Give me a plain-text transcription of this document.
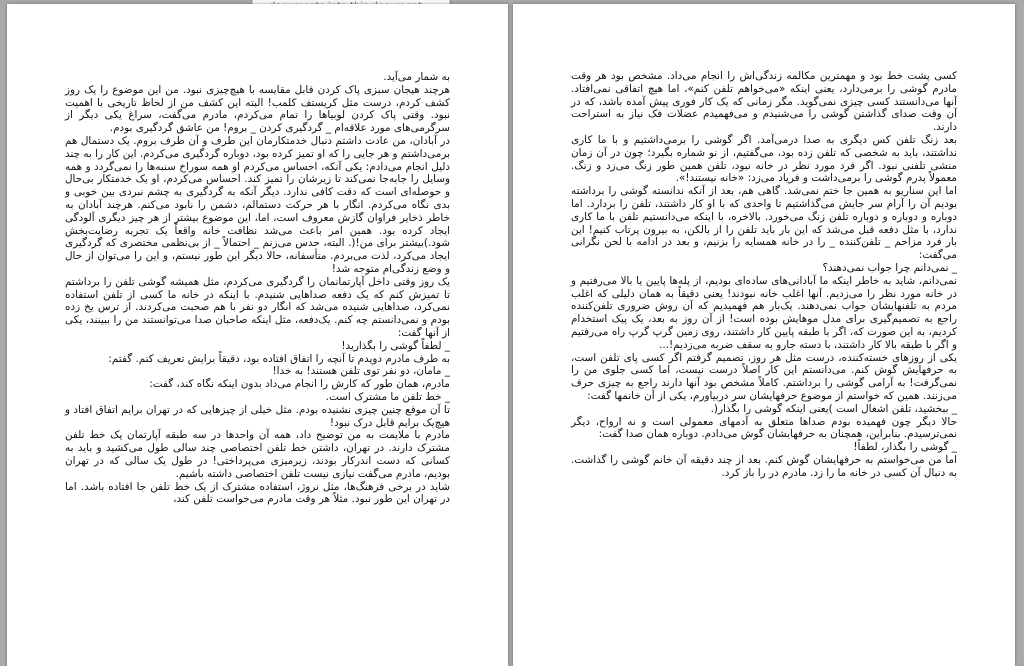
به شمار می‌آید.

هرچند هیجان سبزی پاک کردن قابل مقایسه با هیچ‌چیزی نبود. من این موضوع را یک روز کشف کردم، درست مثل کریستف کلمب! البته این کشف من از لحاظ تاریخی با اهمیت نبود. وقتی پاک کردن لوبیاها را تمام می‌کردم، مادرم می‌گفت، سراغ یکی دیگر از سرگرمی‌های مورد علاقه‌ام _ گردگیری کردن _ بروم! من عاشق گردگیری بودم.

در آبادان، من عادت داشتم دنبال خدمتکارمان این طرف و آن طرف بروم. یک دستمال هم برمی‌داشتم و هر جایی را که او تمیز کرده بود، دوباره گردگیری می‌کردم. این کار را به چند دلیل انجام می‌دادم: یکی آنکه، احساس می‌کردم او همه سوراخ سنبه‌ها را نمی‌گردد و همه وسایل را جابه‌جا نمی‌کند تا زیرشان را تمیز کند. احساس می‌کردم، او یک خدمتکار بی‌حال و حوصله‌ای است که دقت کافی ندارد. دیگر آنکه به گردگیری به چشم نبردی بین خوبی و بدی نگاه می‌کردم. انگار با هر حرکت دستمالم، دشمن را نابود می‌کنم. هرچند آبادان به خاطر ذخایر فراوان گازش معروف است، اما، این موضوع بیشتر از هر چیز دیگری آلودگی ایجاد کرده بود. همین امر باعث می‌شد نظافت خانه واقعاً یک تجربه رضایت‌بخش شود.)بیشتر برای من!(. البته، حدس می‌زنم _ احتمالاً _ از بی‌نظمی مختصری که گردگیری ایجاد می‌کرد، لذت می‌بردم. متأسفانه، حالا دیگر این طور نیستم، و این را می‌توان از حال و وضع زندگی‌ام متوجه شد!

یک روز وقتی داخل آپارتمانمان را گردگیری می‌کردم، مثل همیشه گوشی تلفن را برداشتم تا تمیزش کنم که یک دفعه صداهایی شنیدم. با اینکه در خانه ما کسی از تلفن استفاده نمی‌کرد، صداهایی شنیده می‌شد که انگار دو نفر با هم صحبت می‌کردند. از ترس یخ زده بودم و نمی‌دانستم چه کنم. یک‌دفعه، مثل اینکه صاحبان صدا می‌توانستند من را ببینند، یکی از آنها گفت:

_ لطفاً گوشی را بگذارید!

به طرف مادرم دویدم تا آنچه را اتفاق افتاده بود، دقیقاً برایش تعریف کنم. گفتم:

_ مامان، دو نفر توی تلفن هستند! به خدا!

مادرم، همان طور که کارش را انجام می‌داد بدون اینکه نگاه کند، گفت:

_ خط تلفن ما مشترک است.

تا آن موقع چنین چیزی نشنیده بودم. مثل خیلی از چیزهایی که در تهران برایم اتفاق افتاد و هیچ‌یک برایم قابل درک نبود!

مادرم با ملایمت به من توضیح داد، همه آن واحدها در سه طبقه آپارتمان یک خط تلفن مشترک دارند. در تهران، داشتن خط تلفن اختصاصی چند سالی طول می‌کشید و باید به کسانی که دست اندرکار بودند، زیرمیزی می‌پرداختی! در طول یک سالی که در تهران بودیم، مادرم می‌گفت نیازی نیست تلفن اختصاصی داشته باشیم.

شاید در برخی فرهنگ‌ها، مثل نروژ، استفاده مشترک از یک خط تلفن جا افتاده باشد. اما در تهران این طور نبود. مثلاً هر وقت مادرم می‌خواست تلفن کند،

کسی پشت خط بود و مهمترین مکالمه زندگی‌اش را انجام می‌داد. مشخص بود هر وقت مادرم گوشی را برمی‌دارد، یعنی اینکه «می‌خواهم تلفن کنم»، اما هیچ اتفاقی نمی‌افتاد. آنها می‌دانستند کسی چیزی نمی‌گوید. مگر زمانی که یک کار فوری پیش آمده باشد، که در آن وقت صدای گذاشتن گوشی را می‌شنیدم و می‌فهمیدم عضلات فک نیاز به استراحت دارند.

بعد زنگ تلفن کس دیگری به صدا درمی‌آمد. اگر گوشی را برمی‌داشتیم و با ما کاری نداشتند، باید به شخصی که تلفن زده بود، می‌گفتیم، از نو شماره بگیرد؛ چون در آن زمان منشی تلفنی نبود. اگر فرد مورد نظر در خانه نبود، تلفن همین طور زنگ می‌زد و زنگ. معمولاً پدرم گوشی را برمی‌داشت و فریاد می‌زد: «خانه نیستند!».

اما این سناریو به همین جا ختم نمی‌شد. گاهی هم، بعد از آنکه ندانسته گوشی را برداشته بودیم آن را آرام سر جایش می‌گذاشتیم تا واحدی که با او کار داشتند، تلفن را بردارد. اما دوباره و دوباره و دوباره تلفن زنگ می‌خورد. بالاخره، با اینکه می‌دانستیم تلفن با ما کاری ندارد، با مثل دفعه قبل می‌شد که این بار باید تلفن را از بالکن، به بیرون پرتاب کنیم! این بار فرد مزاحم _ تلفن‌کننده _ را در خانه همسایه را بزنیم، و بعد در ادامه با لحن نگرانی می‌گفت:

_ نمی‌دانم چرا جواب نمی‌دهند؟

نمی‌دانم، شاید به خاطر اینکه ما آبادانی‌های ساده‌ای بودیم، از پله‌ها پایین یا بالا می‌رفتیم و در خانه مورد نظر را می‌زدیم. آنها اغلب خانه نبودند! یعنی دقیقاً به همان دلیلی که اغلب مردم به تلفنهایشان جواب نمی‌دهند. یک‌بار هم فهمیدیم که آن روش ضروری تلفن‌کننده راجع به تصمیم‌گیری برای مدل موهایش بوده است! از آن روز به بعد، یک پیک استخدام کردیم، به این صورت که، اگر با طبقه پایین کار داشتند، روی زمین گرپ گرپ راه می‌رفتیم و اگر با طبقه بالا کار داشتند، با دسته جارو به سقف ضربه می‌زدیم!...

یکی از روزهای خسته‌کننده، درست مثل هر روز، تصمیم گرفتم اگر کسی پای تلفن است، به حرفهایش گوش کنم. می‌دانستم این کار اصلاً درست نیست، اما کسی جلوی من را نمی‌گرفت! به آرامی گوشی را برداشتم. کاملاً مشخص بود آنها دارند راجع به چیزی حرف می‌زنند. همین که خواستم از موضوع حرفهایشان سر دربیاورم، یکی از آن خانمها گفت:

_ ببخشید، تلفن اشغال است )یعنی اینکه گوشی را بگذار(.

حالا دیگر چون فهمیده بودم صداها متعلق به آدمهای معمولی است و نه ارواح، دیگر نمی‌ترسیدم. بنابراین، همچنان به حرفهایشان گوش می‌دادم. دوباره همان صدا گفت:

_ گوشی را بگذار، لطفاً!

اما من می‌خواستم به حرفهایشان گوش کنم. بعد از چند دقیقه آن خانم گوشی را گذاشت. به دنبال آن کسی در خانه ما را زد. مادرم در را باز کرد.
